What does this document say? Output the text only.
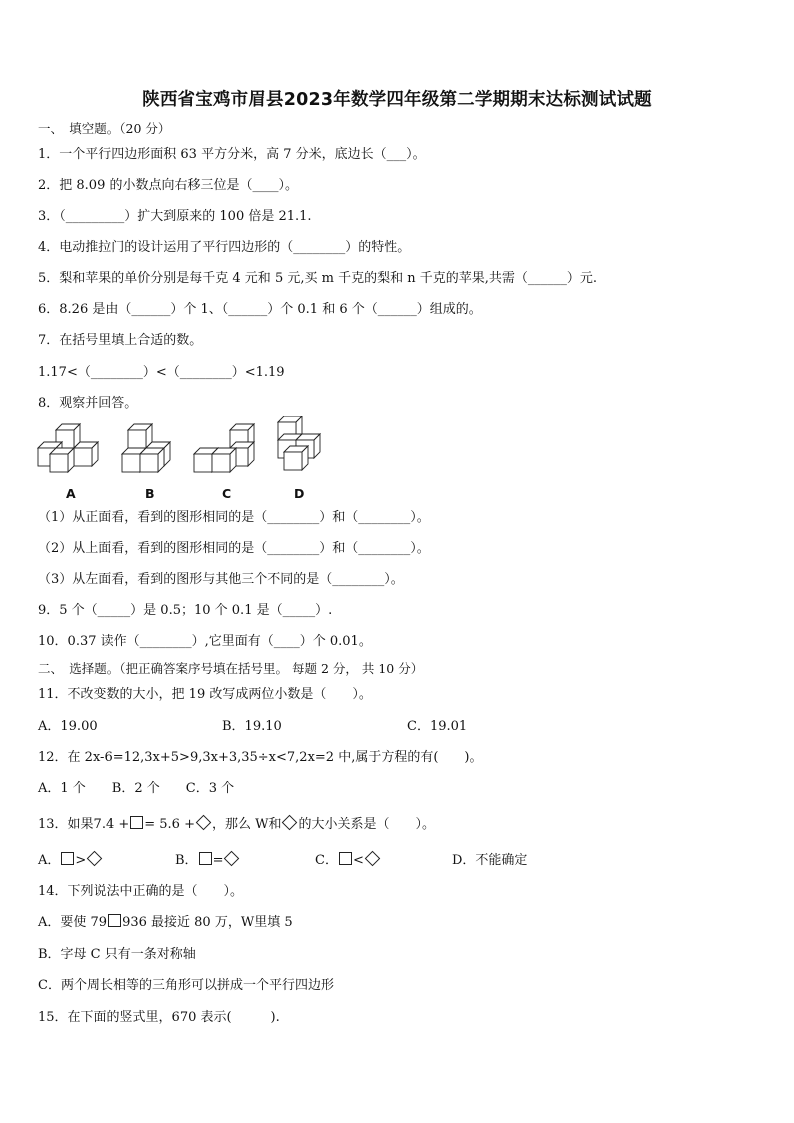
陕西省宝鸡市眉县2023年数学四年级第二学期期末达标测试试题
一、　填空题。（20 分）
1．一个平行四边形面积 63 平方分米，高 7 分米，底边长（___）。
2．把 8.09 的小数点向右移三位是（____）。
3．（_________）扩大到原来的 100 倍是 21.1.
4．电动推拉门的设计运用了平行四边形的（________）的特性。
5．梨和苹果的单价分别是每千克 4 元和 5 元,买 m 千克的梨和 n 千克的苹果,共需（______）元.
6．8.26 是由（______）个 1、（______）个 0.1 和 6 个（______）组成的。
7．在括号里填上合适的数。
1.17<（________）<（________）<1.19
8．观察并回答。
A	B	C	D
（1）从正面看，看到的图形相同的是（________）和（________）。
（2）从上面看，看到的图形相同的是（________）和（________）。
（3）从左面看，看到的图形与其他三个不同的是（________）。
9．5 个（_____）是 0.5；10 个 0.1 是（_____）.
10．0.37 读作（________）,它里面有（____）个 0.01。
二、　选择题。（把正确答案序号填在括号里。 每题 2 分， 共 10 分）
11．不改变数的大小，把 19 改写成两位小数是（　　）。
A．19.00	B．19.10	C．19.01
12．在 2x-6=12,3x+5>9,3x+3,35÷x<7,2x=2 中,属于方程的有(　　)。
A．1 个　　B．2 个　　C．3 个
13．如果7.4 + = 5.6 + ，那么 W和 的大小关系是（　　）。
A． >	B． =	C． <	D．不能确定
14．下列说法中正确的是（　　）。
A．要使 79 936 最接近 80 万，W里填 5
B．字母 C 只有一条对称轴
C．两个周长相等的三角形可以拼成一个平行四边形
15．在下面的竖式里，670 表示(　　　).
